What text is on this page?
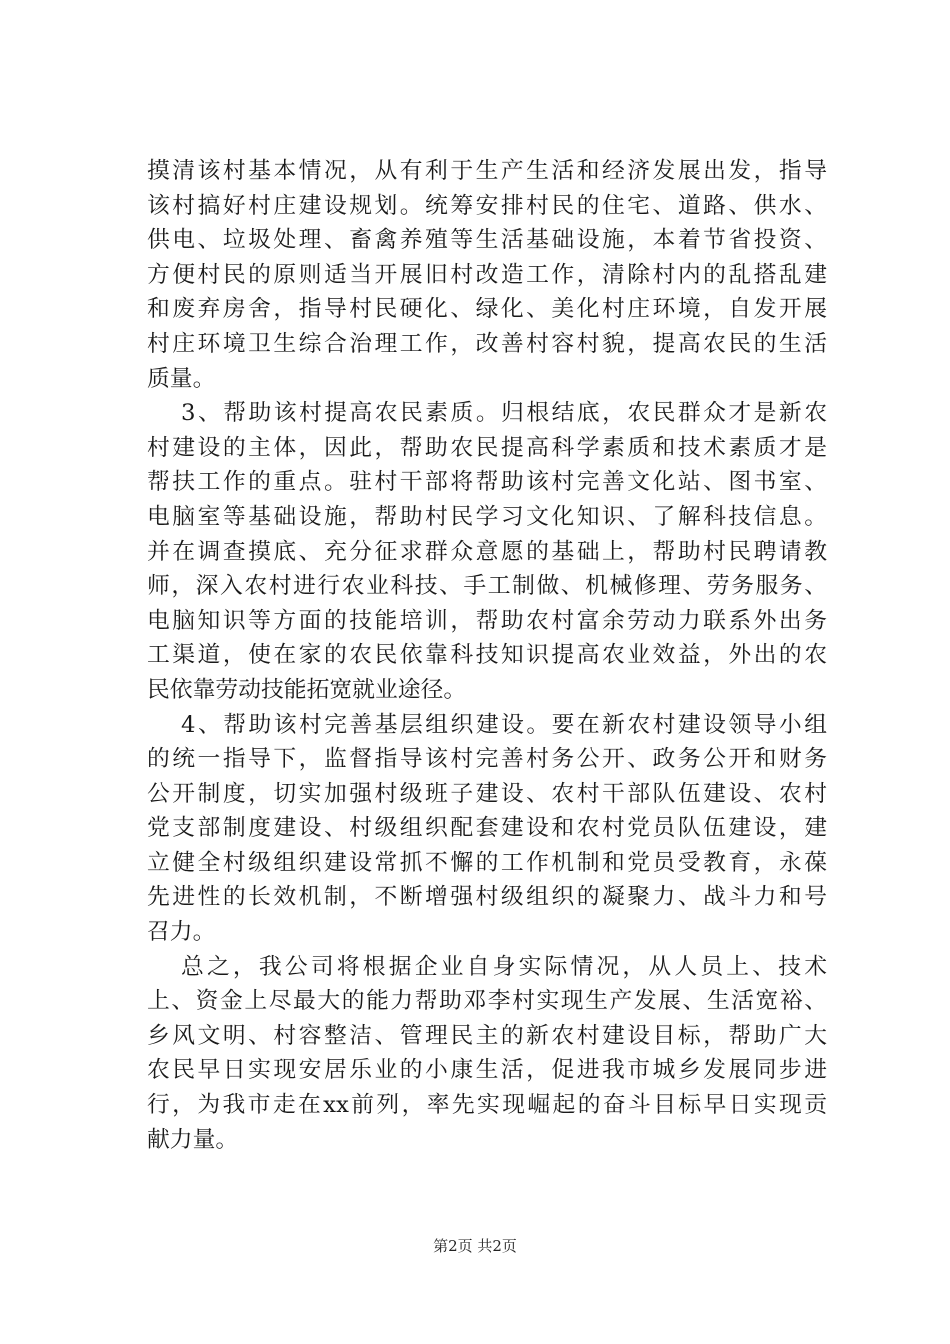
摸清该村基本情况，从有利于生产生活和经济发展出发，指导
该村搞好村庄建设规划。统筹安排村民的住宅、道路、供水、
供电、垃圾处理、畜禽养殖等生活基础设施，本着节省投资、
方便村民的原则适当开展旧村改造工作，清除村内的乱搭乱建
和废弃房舍，指导村民硬化、绿化、美化村庄环境，自发开展
村庄环境卫生综合治理工作，改善村容村貌，提高农民的生活
质量。
3、帮助该村提高农民素质。归根结底，农民群众才是新农
村建设的主体，因此，帮助农民提高科学素质和技术素质才是
帮扶工作的重点。驻村干部将帮助该村完善文化站、图书室、
电脑室等基础设施，帮助村民学习文化知识、了解科技信息。
并在调查摸底、充分征求群众意愿的基础上，帮助村民聘请教
师，深入农村进行农业科技、手工制做、机械修理、劳务服务、
电脑知识等方面的技能培训，帮助农村富余劳动力联系外出务
工渠道，使在家的农民依靠科技知识提高农业效益，外出的农
民依靠劳动技能拓宽就业途径。
4、帮助该村完善基层组织建设。要在新农村建设领导小组
的统一指导下，监督指导该村完善村务公开、政务公开和财务
公开制度，切实加强村级班子建设、农村干部队伍建设、农村
党支部制度建设、村级组织配套建设和农村党员队伍建设，建
立健全村级组织建设常抓不懈的工作机制和党员受教育，永葆
先进性的长效机制，不断增强村级组织的凝聚力、战斗力和号
召力。
总之，我公司将根据企业自身实际情况，从人员上、技术
上、资金上尽最大的能力帮助邓李村实现生产发展、生活宽裕、
乡风文明、村容整洁、管理民主的新农村建设目标，帮助广大
农民早日实现安居乐业的小康生活，促进我市城乡发展同步进
行，为我市走在xx前列，率先实现崛起的奋斗目标早日实现贡
献力量。
第2页 共2页
